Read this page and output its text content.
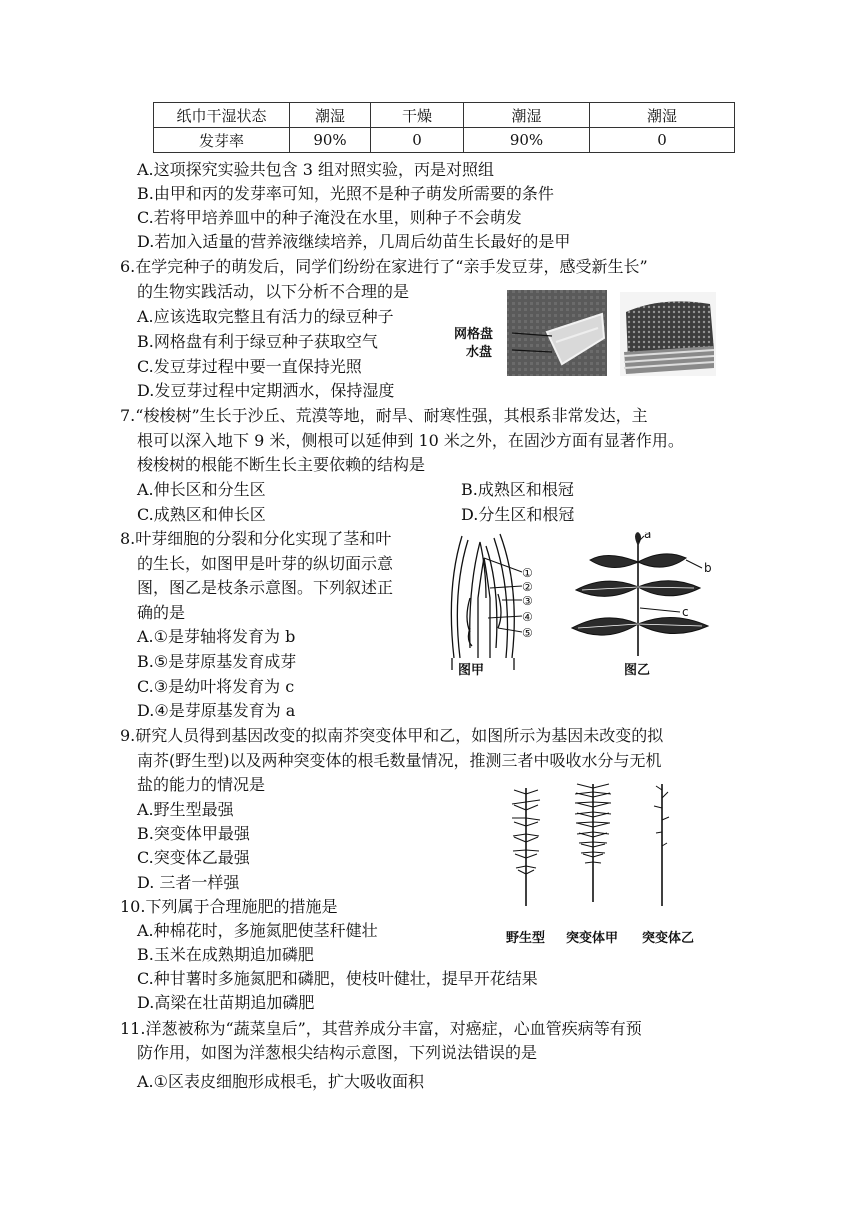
纸巾干湿状态	潮湿	干燥	潮湿	潮湿
发芽率	90%	0	90%	0
A.这项探究实验共包含 3 组对照实验，丙是对照组
B.由甲和丙的发芽率可知，光照不是种子萌发所需要的条件
C.若将甲培养皿中的种子淹没在水里，则种子不会萌发
D.若加入适量的营养液继续培养，几周后幼苗生长最好的是甲
6.在学完种子的萌发后，同学们纷纷在家进行了“亲手发豆芽，感受新生长”
的生物实践活动，以下分析不合理的是
A.应该选取完整且有活力的绿豆种子
B.网格盘有利于绿豆种子获取空气
C.发豆芽过程中要一直保持光照
D.发豆芽过程中定期洒水，保持湿度
网格盘
水盘
7.“梭梭树”生长于沙丘、荒漠等地，耐旱、耐寒性强，其根系非常发达，主
根可以深入地下 9 米，侧根可以延伸到 10 米之外，在固沙方面有显著作用。
梭梭树的根能不断生长主要依赖的结构是
A.伸长区和分生区	B.成熟区和根冠
C.成熟区和伸长区	D.分生区和根冠
8.叶芽细胞的分裂和分化实现了茎和叶
的生长，如图甲是叶芽的纵切面示意
图，图乙是枝条示意图。下列叙述正
确的是
A.①是芽轴将发育为 b
B.⑤是芽原基发育成芽
C.③是幼叶将发育为 c
D.④是芽原基发育为 a
①
②
③
④
⑤
图甲
a
b
c
图乙
9.研究人员得到基因改变的拟南芥突变体甲和乙，如图所示为基因未改变的拟
南芥(野生型)以及两种突变体的根毛数量情况，推测三者中吸收水分与无机
盐的能力的情况是
A.野生型最强
B.突变体甲最强
C.突变体乙最强
D. 三者一样强
野生型 突变体甲 突变体乙
10.下列属于合理施肥的措施是
A.种棉花时，多施氮肥使茎秆健壮
B.玉米在成熟期追加磷肥
C.种甘薯时多施氮肥和磷肥，使枝叶健壮，提早开花结果
D.高梁在壮苗期追加磷肥
11.洋葱被称为“蔬菜皇后”，其营养成分丰富，对癌症，心血管疾病等有预
防作用，如图为洋葱根尖结构示意图，下列说法错误的是
A.①区表皮细胞形成根毛，扩大吸收面积
